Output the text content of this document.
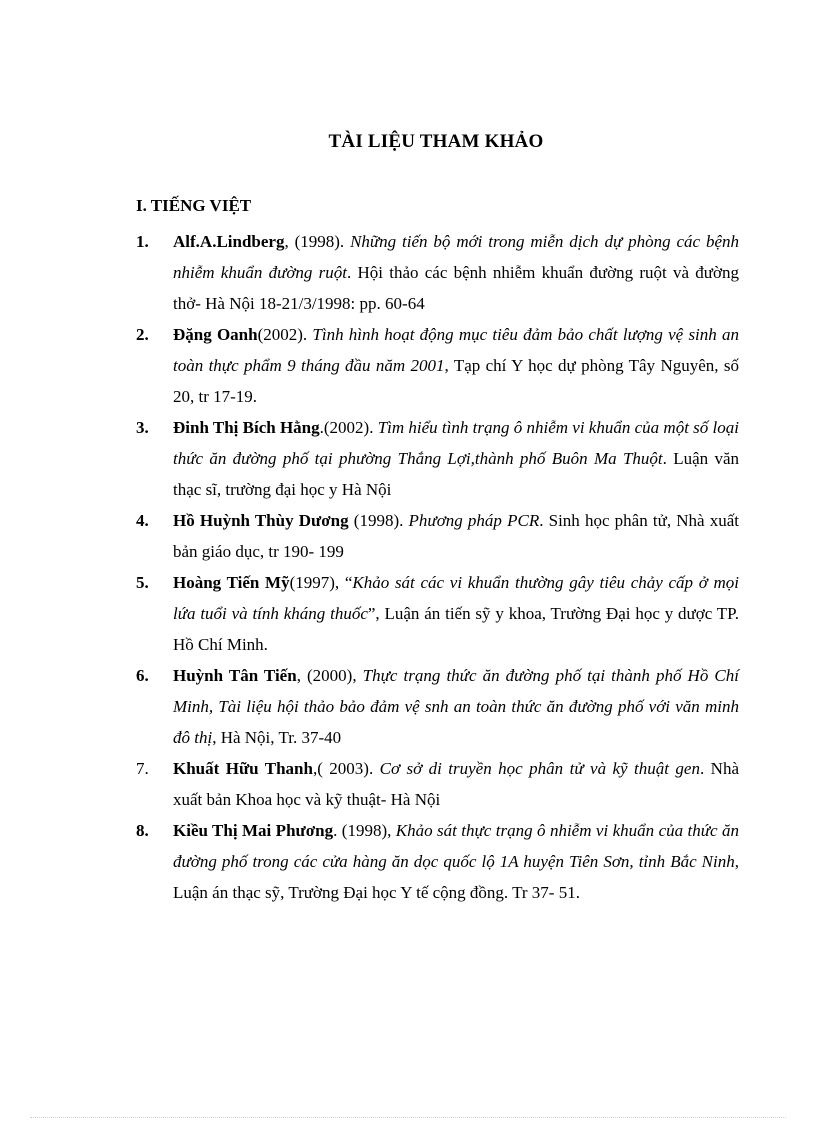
TÀI LIỆU THAM KHẢO
I. TIẾNG VIỆT
1. Alf.A.Lindberg, (1998). Những tiến bộ mới trong miễn dịch dự phòng các bệnh nhiễm khuẩn đường ruột. Hội thảo các bệnh nhiễm khuẩn đường ruột và đường thở- Hà Nội 18-21/3/1998: pp. 60-64
2. Đặng Oanh(2002). Tình hình hoạt động mục tiêu đảm bảo chất lượng vệ sinh an toàn thực phẩm 9 tháng đầu năm 2001, Tạp chí Y học dự phòng Tây Nguyên, số 20, tr 17-19.
3. Đinh Thị Bích Hằng.(2002). Tìm hiểu tình trạng ô nhiễm vi khuẩn của một số loại thức ăn đường phố tại phường Thắng Lợi,thành phố Buôn Ma Thuột. Luận văn thạc sĩ, trường đại học y Hà Nội
4. Hồ Huỳnh Thùy Dương (1998). Phương pháp PCR. Sinh học phân tử, Nhà xuất bản giáo dục, tr 190- 199
5. Hoàng Tiến Mỹ(1997), “Khảo sát các vi khuẩn thường gây tiêu chảy cấp ở mọi lứa tuổi và tính kháng thuốc”, Luận án tiến sỹ y khoa, Trường Đại học y dược TP. Hồ Chí Minh.
6. Huỳnh Tân Tiến, (2000), Thực trạng thức ăn đường phố tại thành phố Hồ Chí Minh, Tài liệu hội thảo bảo đảm vệ snh an toàn thức ăn đường phố với văn minh đô thị, Hà Nội, Tr. 37-40
7. Khuất Hữu Thanh,( 2003). Cơ sở di truyền học phân tử và kỹ thuật gen. Nhà xuất bản Khoa học và kỹ thuật- Hà Nội
8. Kiều Thị Mai Phương. (1998), Khảo sát thực trạng ô nhiễm vi khuẩn của thức ăn đường phố trong các cửa hàng ăn dọc quốc lộ 1A huyện Tiên Sơn, tỉnh Bắc Ninh, Luận án thạc sỹ, Trường Đại học Y tế cộng đồng. Tr 37- 51.
